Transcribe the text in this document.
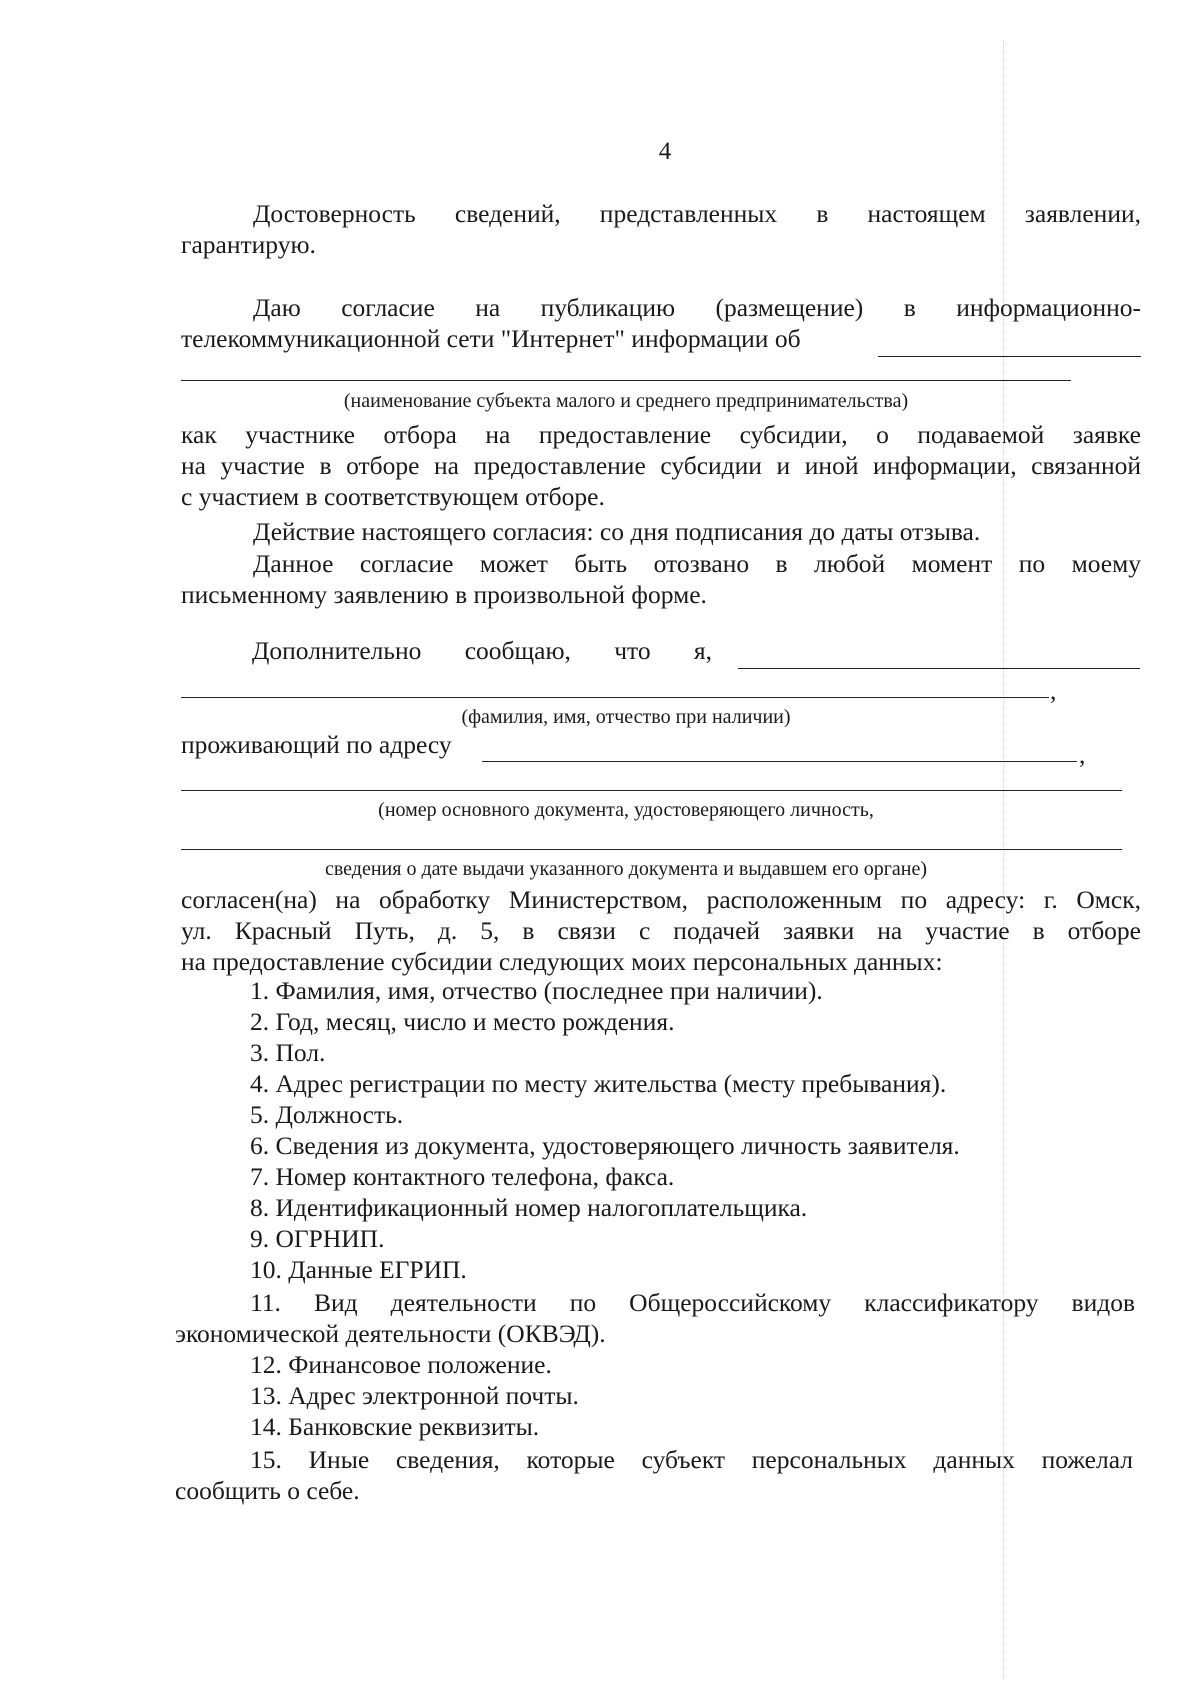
4
Достоверность сведений, представленных в настоящем заявлении,
гарантирую.
Даю согласие на публикацию (размещение) в информационно-
телекоммуникационной сети "Интернет" информации об
(наименование субъекта малого и среднего предпринимательства)
как участнике отбора на предоставление субсидии, о подаваемой заявке
на участие в отборе на предоставление субсидии и иной информации, связанной
с участием в соответствующем отборе.
Действие настоящего согласия: со дня подписания до даты отзыва.
Данное согласие может быть отозвано в любой момент по моему
письменному заявлению в произвольной форме.
Дополнительно сообщаю, что я,
,
(фамилия, имя, отчество при наличии)
проживающий по адресу	,
(номер основного документа, удостоверяющего личность,
сведения о дате выдачи указанного документа и выдавшем его органе)
согласен(на) на обработку Министерством, расположенным по адресу: г. Омск,
ул. Красный Путь, д. 5, в связи с подачей заявки на участие в отборе
на предоставление субсидии следующих моих персональных данных:
1. Фамилия, имя, отчество (последнее при наличии).
2. Год, месяц, число и место рождения.
3. Пол.
4. Адрес регистрации по месту жительства (месту пребывания).
5. Должность.
6. Сведения из документа, удостоверяющего личность заявителя.
7. Номер контактного телефона, факса.
8. Идентификационный номер налогоплательщика.
9. ОГРНИП.
10. Данные ЕГРИП.
11. Вид деятельности по Общероссийскому классификатору видов
экономической деятельности (ОКВЭД).
12. Финансовое положение.
13. Адрес электронной почты.
14. Банковские реквизиты.
15. Иные сведения, которые субъект персональных данных пожелал
сообщить о себе.
